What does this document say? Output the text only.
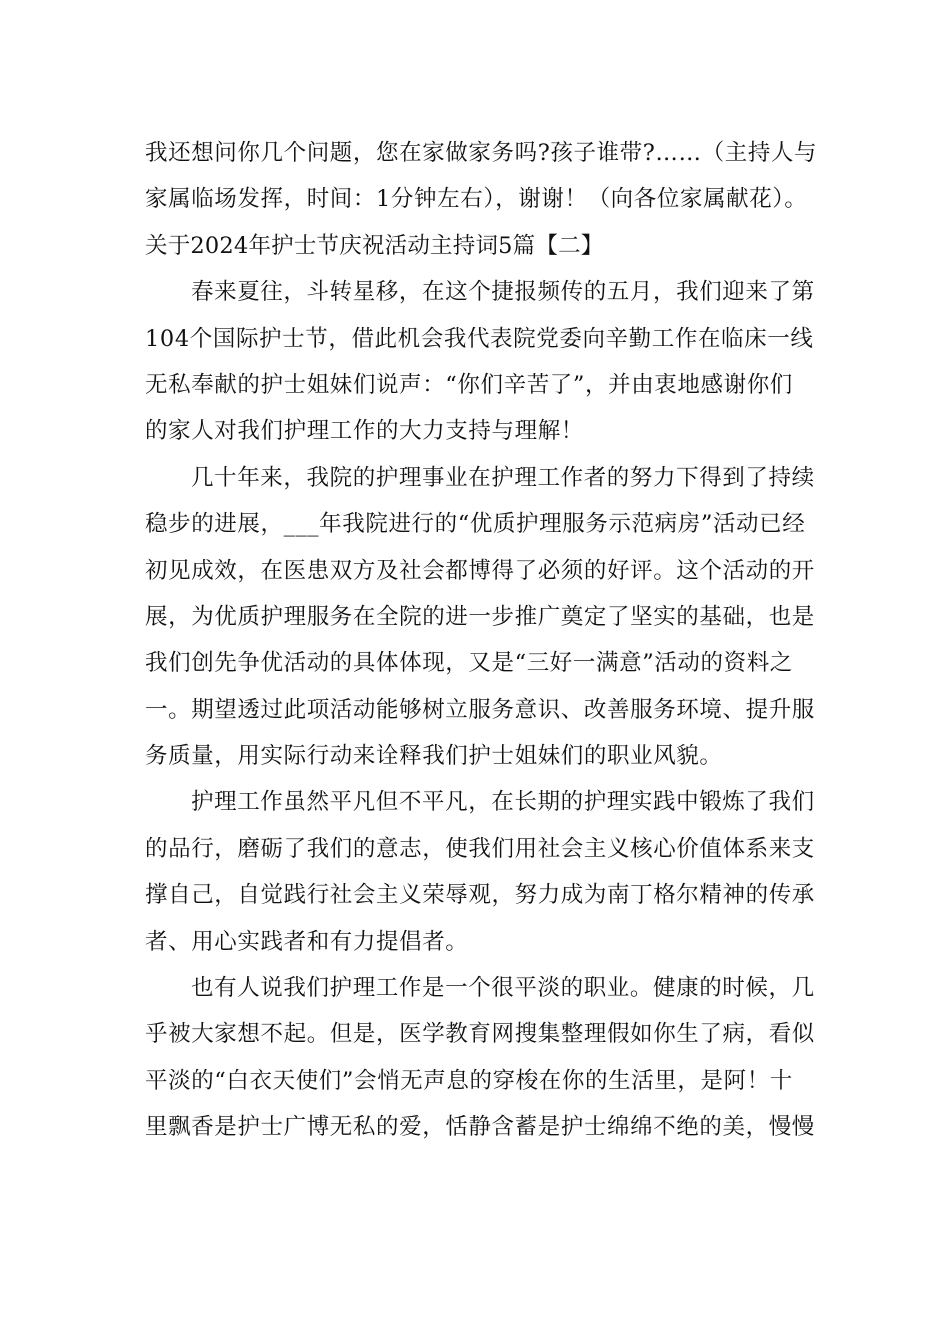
我还想问你几个问题，您在家做家务吗?孩子谁带?……（主持人与
家属临场发挥，时间：1分钟左右），谢谢！（向各位家属献花）。
关于2024年护士节庆祝活动主持词5篇【二】
春来夏往，斗转星移，在这个捷报频传的五月，我们迎来了第
104个国际护士节，借此机会我代表院党委向辛勤工作在临床一线
无私奉献的护士姐妹们说声：“你们辛苦了”，并由衷地感谢你们
的家人对我们护理工作的大力支持与理解！
几十年来，我院的护理事业在护理工作者的努力下得到了持续
稳步的进展，___年我院进行的“优质护理服务示范病房”活动已经
初见成效，在医患双方及社会都博得了必须的好评。这个活动的开
展，为优质护理服务在全院的进一步推广奠定了坚实的基础，也是
我们创先争优活动的具体体现，又是“三好一满意”活动的资料之
一。期望透过此项活动能够树立服务意识、改善服务环境、提升服
务质量，用实际行动来诠释我们护士姐妹们的职业风貌。
护理工作虽然平凡但不平凡，在长期的护理实践中锻炼了我们
的品行，磨砺了我们的意志，使我们用社会主义核心价值体系来支
撑自己，自觉践行社会主义荣辱观，努力成为南丁格尔精神的传承
者、用心实践者和有力提倡者。
也有人说我们护理工作是一个很平淡的职业。健康的时候，几
乎被大家想不起。但是，医学教育网搜集整理假如你生了病，看似
平淡的“白衣天使们”会悄无声息的穿梭在你的生活里，是阿！十
里飘香是护士广博无私的爱，恬静含蓄是护士绵绵不绝的美，慢慢
